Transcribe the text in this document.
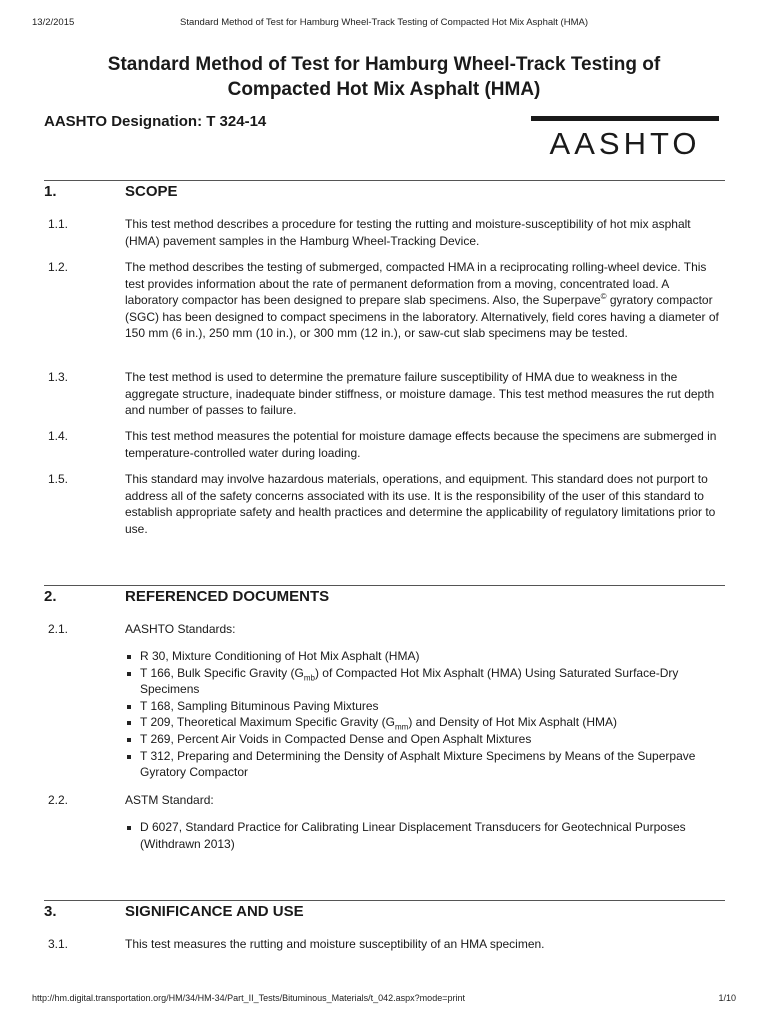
13/2/2015	Standard Method of Test for Hamburg Wheel-Track Testing of Compacted Hot Mix Asphalt (HMA)
Standard Method of Test for Hamburg Wheel-Track Testing of
Compacted Hot Mix Asphalt (HMA)

AASHTO Designation: T 324-14

AASHTO
1.	SCOPE
1.1.	This test method describes a procedure for testing the rutting and moisture-susceptibility of hot mix asphalt (HMA) pavement samples in the Hamburg Wheel-Tracking Device.
1.2.	The method describes the testing of submerged, compacted HMA in a reciprocating rolling-wheel device. This test provides information about the rate of permanent deformation from a moving, concentrated load. A laboratory compactor has been designed to prepare slab specimens. Also, the Superpave© gyratory compactor (SGC) has been designed to compact specimens in the laboratory. Alternatively, field cores having a diameter of 150 mm (6 in.), 250 mm (10 in.), or 300 mm (12 in.), or saw-cut slab specimens may be tested.
1.3.	The test method is used to determine the premature failure susceptibility of HMA due to weakness in the aggregate structure, inadequate binder stiffness, or moisture damage. This test method measures the rut depth and number of passes to failure.
1.4.	This test method measures the potential for moisture damage effects because the specimens are submerged in temperature-controlled water during loading.
1.5.	This standard may involve hazardous materials, operations, and equipment. This standard does not purport to address all of the safety concerns associated with its use. It is the responsibility of the user of this standard to establish appropriate safety and health practices and determine the applicability of regulatory limitations prior to use.
2.	REFERENCED DOCUMENTS
2.1.	AASHTO Standards:
R 30, Mixture Conditioning of Hot Mix Asphalt (HMA)
T 166, Bulk Specific Gravity $(G_{mb})$ of Compacted Hot Mix Asphalt (HMA) Using Saturated Surface-Dry Specimens
T 168, Sampling Bituminous Paving Mixtures
T 209, Theoretical Maximum Specific Gravity $(G_{mm})$ and Density of Hot Mix Asphalt (HMA)
T 269, Percent Air Voids in Compacted Dense and Open Asphalt Mixtures
T 312, Preparing and Determining the Density of Asphalt Mixture Specimens by Means of the Superpave Gyratory Compactor
2.2.	ASTM Standard:
D 6027, Standard Practice for Calibrating Linear Displacement Transducers for Geotechnical Purposes (Withdrawn 2013)
3.	SIGNIFICANCE AND USE
3.1.	This test measures the rutting and moisture susceptibility of an HMA specimen.
http://hm.digital.transportation.org/HM/34/HM-34/Part_II_Tests/Bituminous_Materials/t_042.aspx?mode=print	1/10
